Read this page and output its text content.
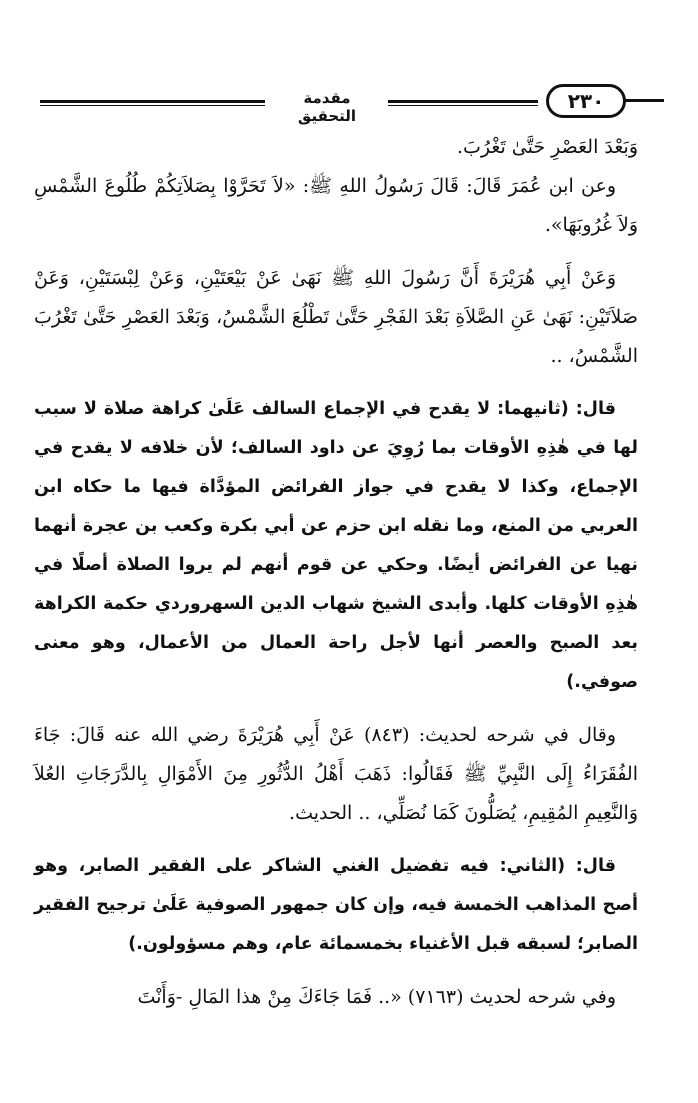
مقدمة التحقيق
٢٣٠

وَبَعْدَ العَصْرِ حَتَّىٰ تَغْرُبَ.

وعن ابن عُمَرَ قَالَ: قَالَ رَسُولُ اللهِ ﷺ: «لاَ تَحَرَّوْا بِصَلاَتِكُمْ طُلُوعَ الشَّمْسِ وَلاَ غُرُوبَهَا».

وَعَنْ أَبِي هُرَيْرَةَ أَنَّ رَسُولَ اللهِ ﷺ نَهَىٰ عَنْ بَيْعَتَيْنِ، وَعَنْ لِبْسَتَيْنِ، وَعَنْ صَلاَتَيْنِ: نَهَىٰ عَنِ الصَّلاَةِ بَعْدَ الفَجْرِ حَتَّىٰ تَطْلُعَ الشَّمْسُ، وَبَعْدَ العَصْرِ حَتَّىٰ تَغْرُبَ الشَّمْسُ، ..

قال: (ثانيهما: لا يقدح في الإجماع السالف عَلَىٰ كراهة صلاة لا سبب لها في هٰذِهِ الأوقات بما رُوِيَ عن داود السالف؛ لأن خلافه لا يقدح في الإجماع، وكذا لا يقدح في جواز الفرائض المؤدَّاة فيها ما حكاه ابن العربي من المنع، وما نقله ابن حزم عن أبي بكرة وكعب بن عجرة أنهما نهيا عن الفرائض أيضًا. وحكي عن قوم أنهم لم يروا الصلاة أصلًا في هٰذِهِ الأوقات كلها. وأبدى الشيخ شهاب الدين السهروردي حكمة الكراهة بعد الصبح والعصر أنها لأجل راحة العمال من الأعمال، وهو معنى صوفي.)

وقال في شرحه لحديث: (٨٤٣) عَنْ أَبِي هُرَيْرَةَ رضي الله عنه قَالَ: جَاءَ الفُقَرَاءُ إِلَى النَّبِيِّ ﷺ فَقَالُوا: ذَهَبَ أَهْلُ الدُّثُورِ مِنَ الأَمْوَالِ بِالدَّرَجَاتِ العُلاَ وَالنَّعِيمِ المُقِيمِ، يُصَلُّونَ كَمَا نُصَلِّي، .. الحديث.

قال: (الثاني: فيه تفضيل الغني الشاكر على الفقير الصابر، وهو أصح المذاهب الخمسة فيه، وإن كان جمهور الصوفية عَلَىٰ ترجيح الفقير الصابر؛ لسبقه قبل الأغنياء بخمسمائة عام، وهم مسؤولون.)

وفي شرحه لحديث (٧١٦٣) «.. فَمَا جَاءَكَ مِنْ هذا المَالِ -وَأَنْتَ
